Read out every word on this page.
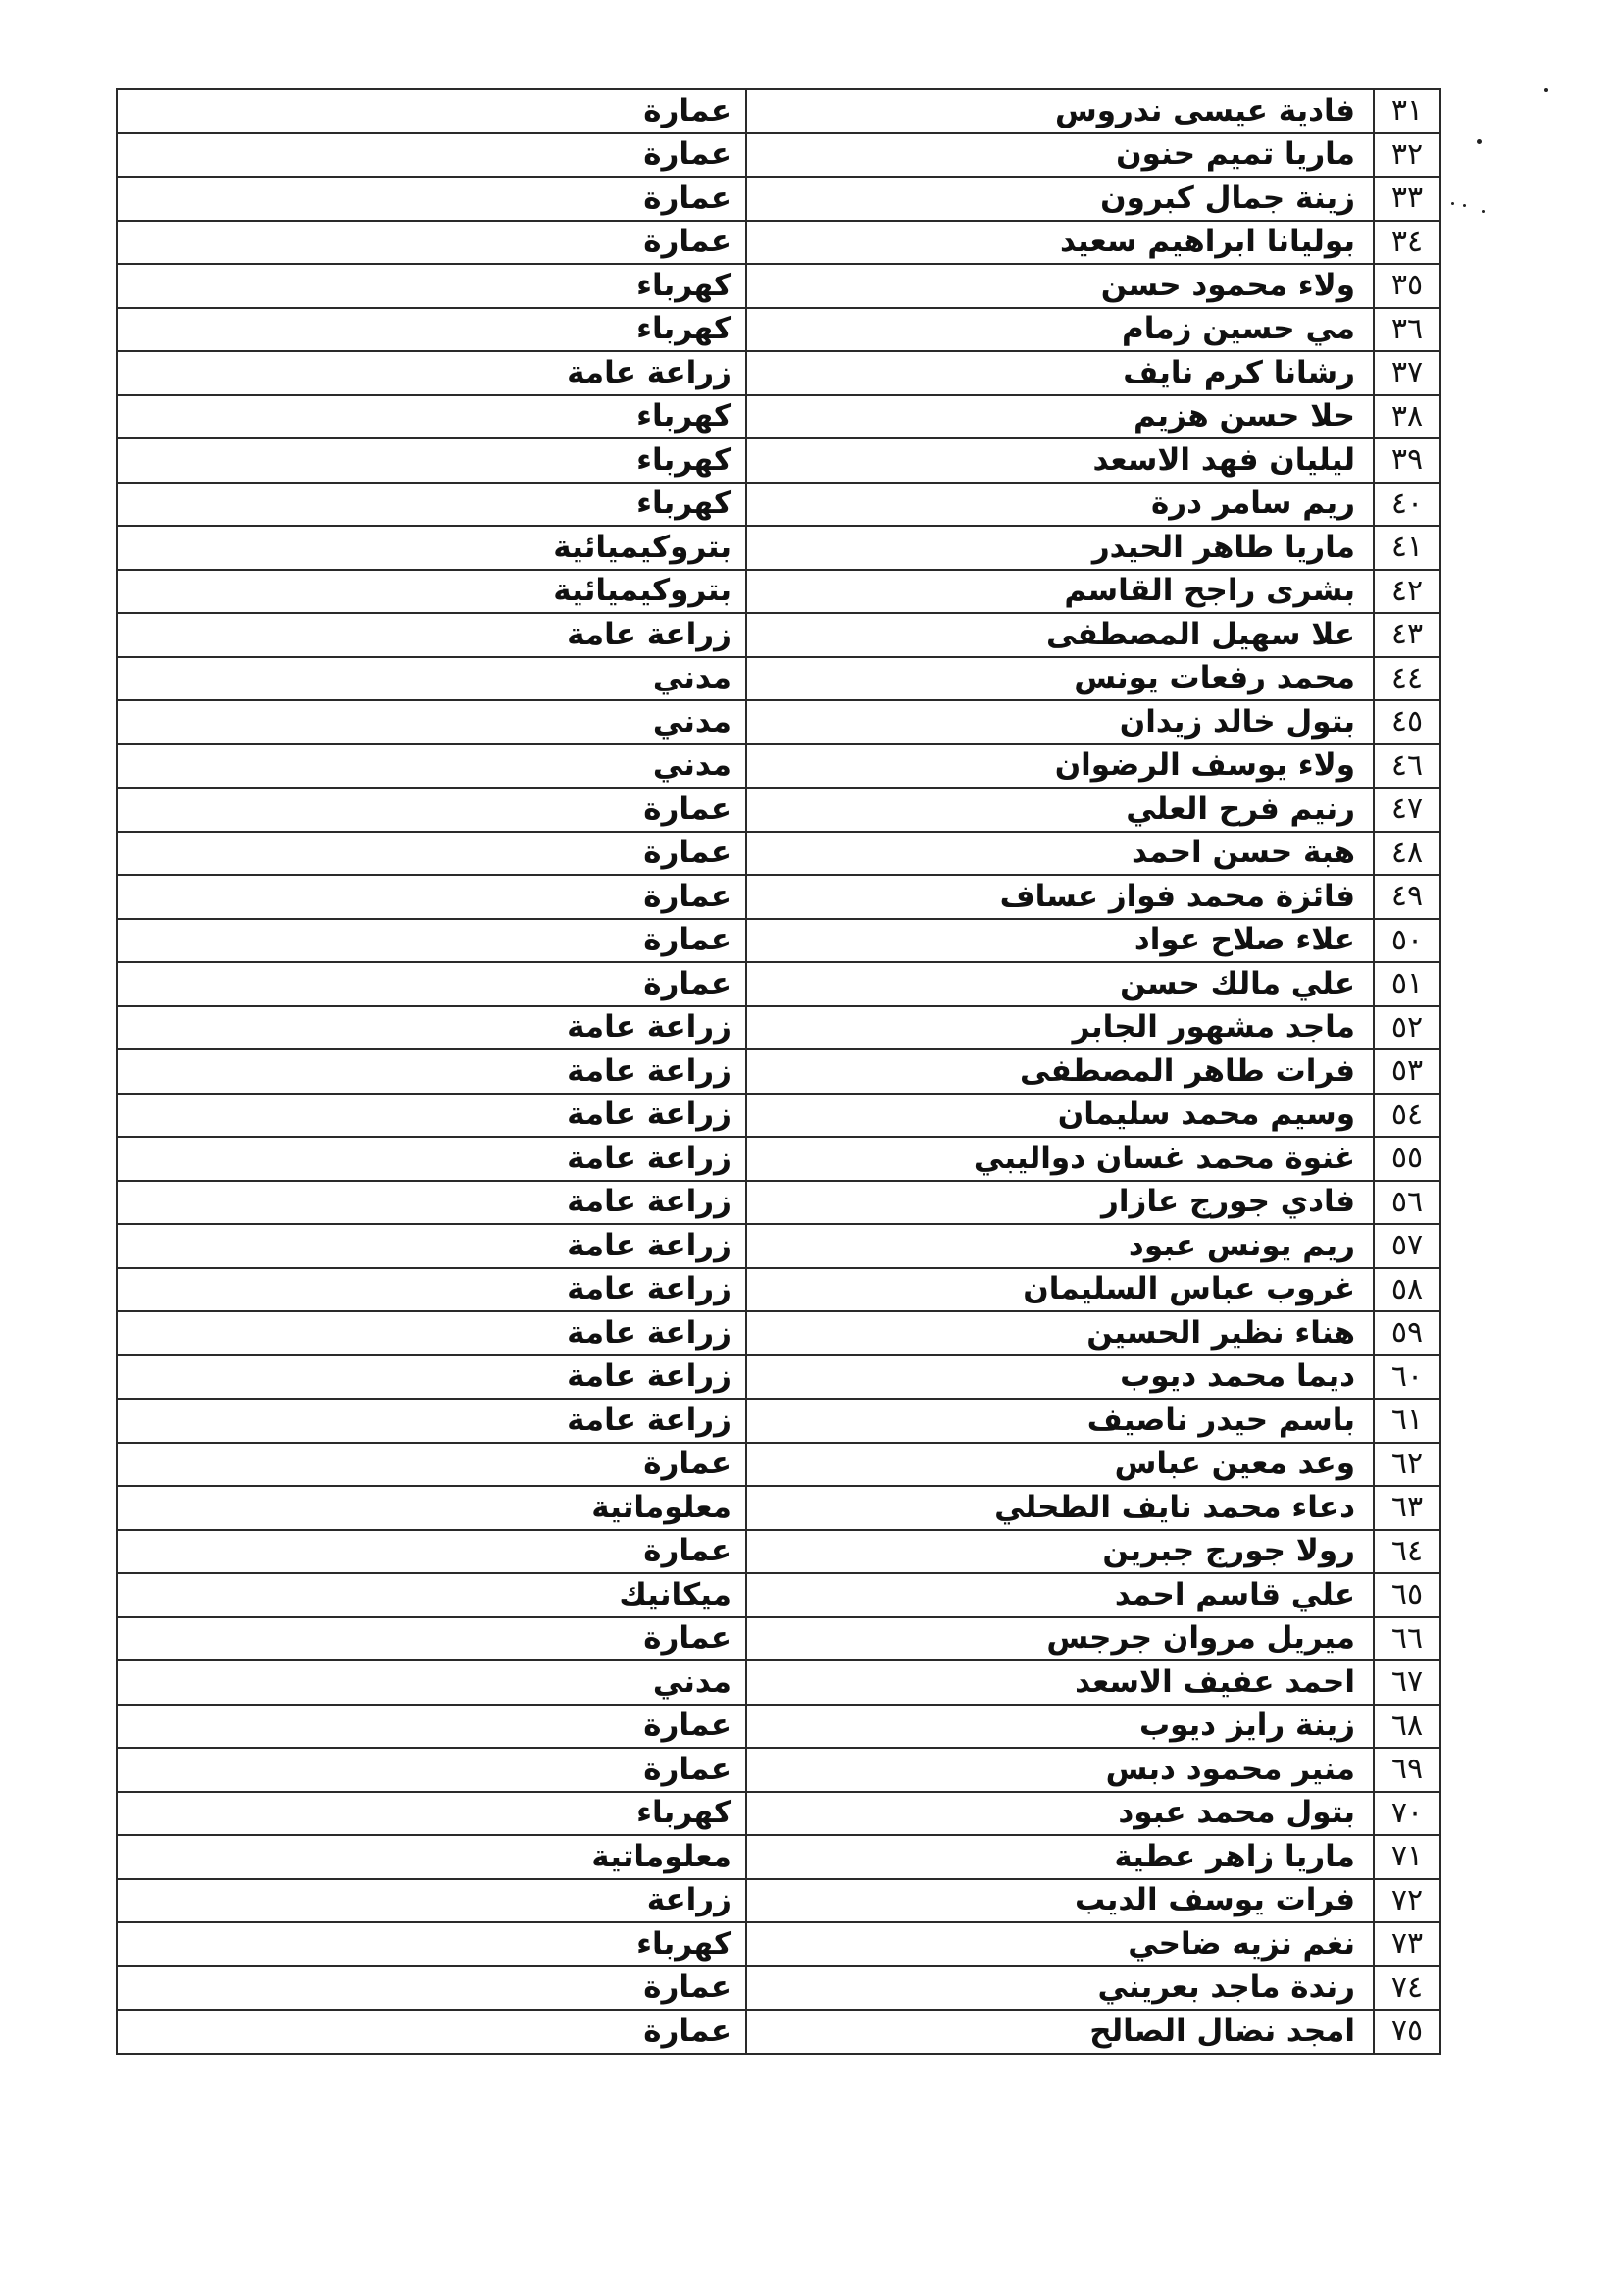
٣١	فادية عيسى ندروس	عمارة
٣٢	ماريا تميم حنون	عمارة
٣٣	زينة جمال كبرون	عمارة
٣٤	بوليانا ابراهيم سعيد	عمارة
٣٥	ولاء محمود حسن	كهرباء
٣٦	مي حسين زمام	كهرباء
٣٧	رشانا كرم نايف	زراعة عامة
٣٨	حلا حسن هزيم	كهرباء
٣٩	ليليان فهد الاسعد	كهرباء
٤٠	ريم سامر درة	كهرباء
٤١	ماريا طاهر الحيدر	بتروكيميائية
٤٢	بشرى راجح القاسم	بتروكيميائية
٤٣	علا سهيل المصطفى	زراعة عامة
٤٤	محمد رفعات يونس	مدني
٤٥	بتول خالد زيدان	مدني
٤٦	ولاء يوسف الرضوان	مدني
٤٧	رنيم فرح العلي	عمارة
٤٨	هبة حسن احمد	عمارة
٤٩	فائزة محمد فواز عساف	عمارة
٥٠	علاء صلاح عواد	عمارة
٥١	علي مالك حسن	عمارة
٥٢	ماجد مشهور الجابر	زراعة عامة
٥٣	فرات طاهر المصطفى	زراعة عامة
٥٤	وسيم محمد سليمان	زراعة عامة
٥٥	غنوة محمد غسان دواليبي	زراعة عامة
٥٦	فادي جورج عازار	زراعة عامة
٥٧	ريم يونس عبود	زراعة عامة
٥٨	غروب عباس السليمان	زراعة عامة
٥٩	هناء نظير الحسين	زراعة عامة
٦٠	ديما محمد ديوب	زراعة عامة
٦١	باسم حيدر ناصيف	زراعة عامة
٦٢	وعد معين عباس	عمارة
٦٣	دعاء محمد نايف الطحلي	معلوماتية
٦٤	رولا جورج جبرين	عمارة
٦٥	علي قاسم احمد	ميكانيك
٦٦	ميريل مروان جرجس	عمارة
٦٧	احمد عفيف الاسعد	مدني
٦٨	زينة رايز ديوب	عمارة
٦٩	منير محمود دبس	عمارة
٧٠	بتول محمد عبود	كهرباء
٧١	ماريا زاهر عطية	معلوماتية
٧٢	فرات يوسف الديب	زراعة
٧٣	نغم نزيه ضاحي	كهرباء
٧٤	رندة ماجد بعريني	عمارة
٧٥	امجد نضال الصالح	عمارة
